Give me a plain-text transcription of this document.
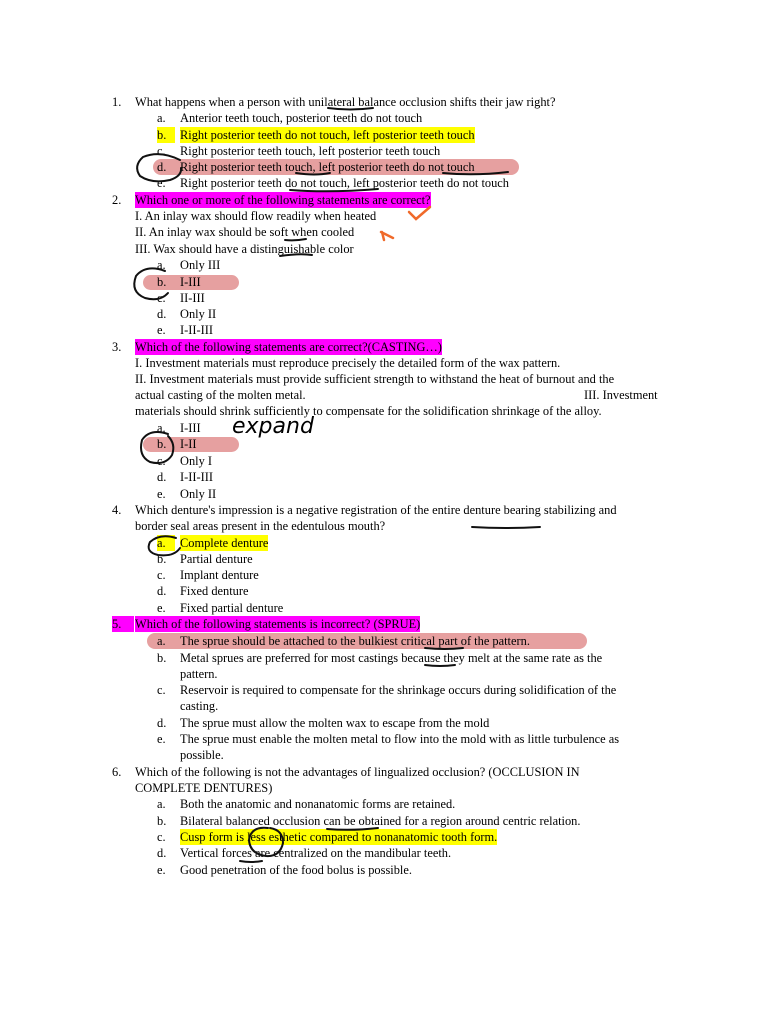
1.	What happens when a person with unilateral balance occlusion shifts their jaw right?
a.	Anterior teeth touch, posterior teeth do not touch
b.	Right posterior teeth do not touch, left posterior teeth touch
c.	Right posterior teeth touch, left posterior teeth touch
d.	Right posterior teeth touch, left posterior teeth do not touch
e.	Right posterior teeth do not touch, left posterior teeth do not touch
2.	Which one or more of the following statements are correct?
I. An inlay wax should flow readily when heated
II. An inlay wax should be soft when cooled
III. Wax should have a distinguishable color
a.	Only III
b.	I-III
c.	II-III
d.	Only II
e.	I-II-III
3.	Which of the following statements are correct?(CASTING…)
I. Investment materials must reproduce precisely the detailed form of the wax pattern.
II. Investment materials must provide sufficient strength to withstand the heat of burnout and the
actual casting of the molten metal.	III. Investment
materials should shrink sufficiently to compensate for the solidification shrinkage of the alloy.
a.	I-III
b.	I-II
c.	Only I
d.	I-II-III
e.	Only II
expand
4.	Which denture's impression is a negative registration of the entire denture bearing stabilizing and
border seal areas present in the edentulous mouth?
a.	Complete denture
b.	Partial denture
c.	Implant denture
d.	Fixed denture
e.	Fixed partial denture
5.	Which of the following statements is incorrect? (SPRUE)
a.	The sprue should be attached to the bulkiest critical part of the pattern.
b.	Metal sprues are preferred for most castings because they melt at the same rate as the
pattern.
c.	Reservoir is required to compensate for the shrinkage occurs during solidification of the
casting.
d.	The sprue must allow the molten wax to escape from the mold
e.	The sprue must enable the molten metal to flow into the mold with as little turbulence as
possible.
6.	Which of the following is not the advantages of lingualized occlusion? (OCCLUSION IN
COMPLETE DENTURES)
a.	Both the anatomic and nonanatomic forms are retained.
b.	Bilateral balanced occlusion can be obtained for a region around centric relation.
c.	Cusp form is less esthetic compared to nonanatomic tooth form.
d.	Vertical forces are centralized on the mandibular teeth.
e.	Good penetration of the food bolus is possible.
